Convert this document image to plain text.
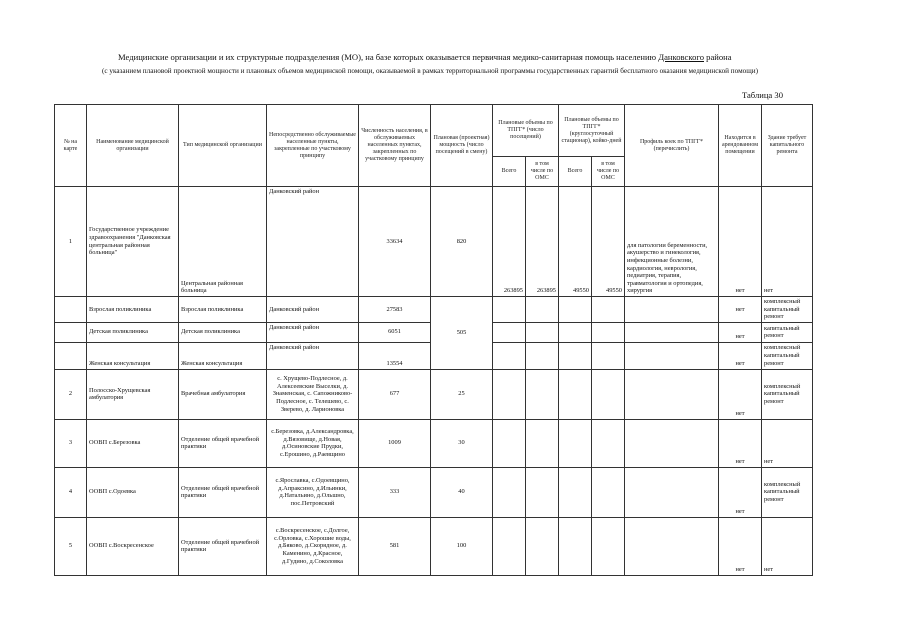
Медицинские организации и их структурные подразделения (МО), на базе которых оказывается первичная медико-санитарная помощь населению Данковского района
(с указанием плановой проектной мощности и плановых объемов медицинской помощи, оказываемой в рамках территориальной программы государственных гарантий бесплатного оказания медицинской помощи)
Таблица 30
№ на карте	Наименование медицинской организации	Тип медицинской организации	Непосредственно обслуживаемые населенные пункты, закрепленные по участковому принципу	Численность населения, в обслуживаемых населенных пунктах, закрепленных по участковому принципу	Плановая (проектная) мощность (число посещений в смену)	Плановые объемы по ТПГГ* (число посещений)		Плановые объемы по ТПГГ* (круглосуточный стационар), койко-дней		Профиль коек по ТПГГ* (перечислить)	Находится в арендованном помещении	Здание требует капитального ремонта
						Всего	в том числе по ОМС	Всего	в том числе по ОМС			
1	Государственное учреждение здравоохранения "Данковская центральная районная больница"	Центральная районная больница	Данковский район	33634	820	263895	263895	49550	49550	для патологии беременности, акушерство и гинекология, инфекционные болезни, кардиология, неврология, педиатрия, терапия, травматология и ортопедия, хирургия	нет	нет
	Взрослая поликлиника	Взрослая поликлиника	Данковский район	27583	505						нет	комплексный капитальный ремонт
	Детская поликлиника	Детская поликлиника	Данковский район	6051							нет	капитальный ремонт
	Женская консультация	Женская консультация	Данковский район	13554							нет	комплексный капитальный ремонт
2	Полосско-Хрущевская амбулатория	Врачебная амбулатория	с. Хрущево-Подлесное, д. Алексеевские Выселки, д. Знаменская, с. Сапожниково-Подлесное, с. Телешево, с. Зверево, д. Ларионовка	677	25						нет	комплексный капитальный ремонт
3	ООВП с.Березовка	Отделение общей врачебной практики	с.Березовка, д.Александровка, д.Вязовище, д.Новая, д.Осиновские Прудки, с.Ерошино, д.Раевщино	1009	30						нет	нет
4	ООВП с.Одоевка	Отделение общей врачебной практики	с.Ярославка, с.Одоевщино, д.Апраксино, д.Ильинки, д.Натальино, д.Ольшно, пос.Петровский	333	40						нет	комплексный капитальный ремонт
5	ООВП с.Воскресенское	Отделение общей врачебной практики	с.Воскресенское, с.Долгое, с.Орловка, с.Хорошие воды, д.Бяково, д.Скорядное, д. Каменино, д.Красное, д.Гудино, д.Соколовка	581	100						нет	нет
